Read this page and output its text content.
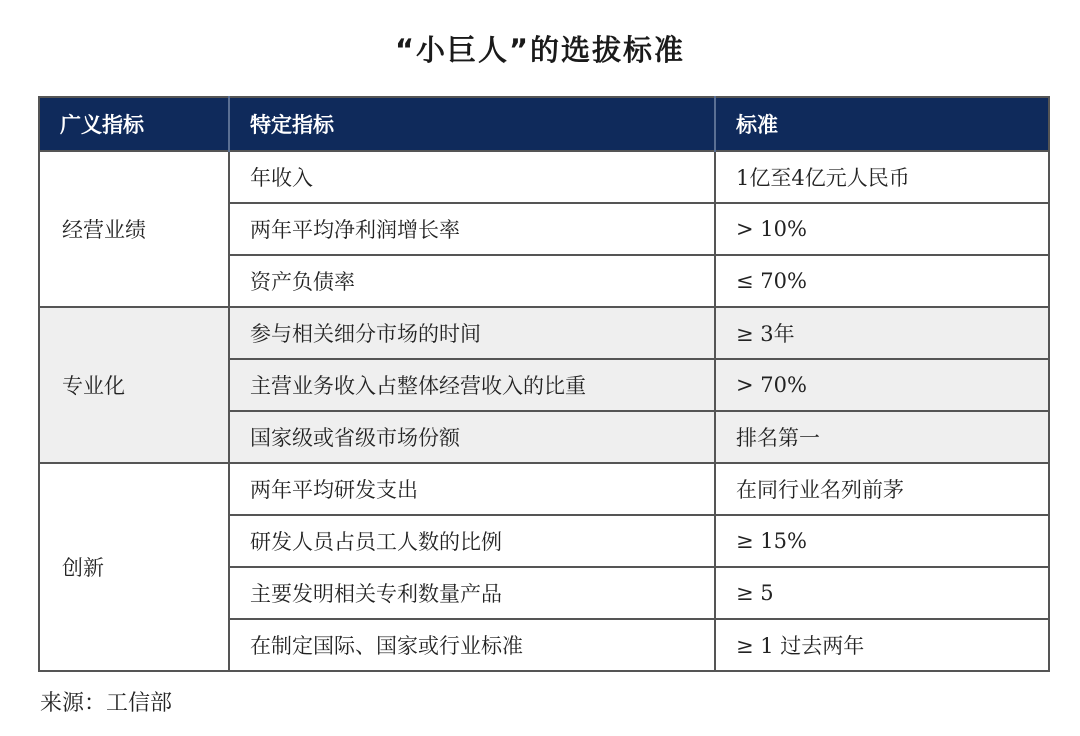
“小巨人”的选拔标准
广义指标	特定指标	标准
经营业绩	年收入	1亿至4亿元人民币
	两年平均净利润增长率	> 10%
	资产负债率	≤ 70%
专业化	参与相关细分市场的时间	≥ 3年
	主营业务收入占整体经营收入的比重	> 70%
	国家级或省级市场份额	排名第一
创新	两年平均研发支出	在同行业名列前茅
	研发人员占员工人数的比例	≥ 15%
	主要发明相关专利数量产品	≥ 5
	在制定国际、国家或行业标准	≥ 1 过去两年
来源：工信部
